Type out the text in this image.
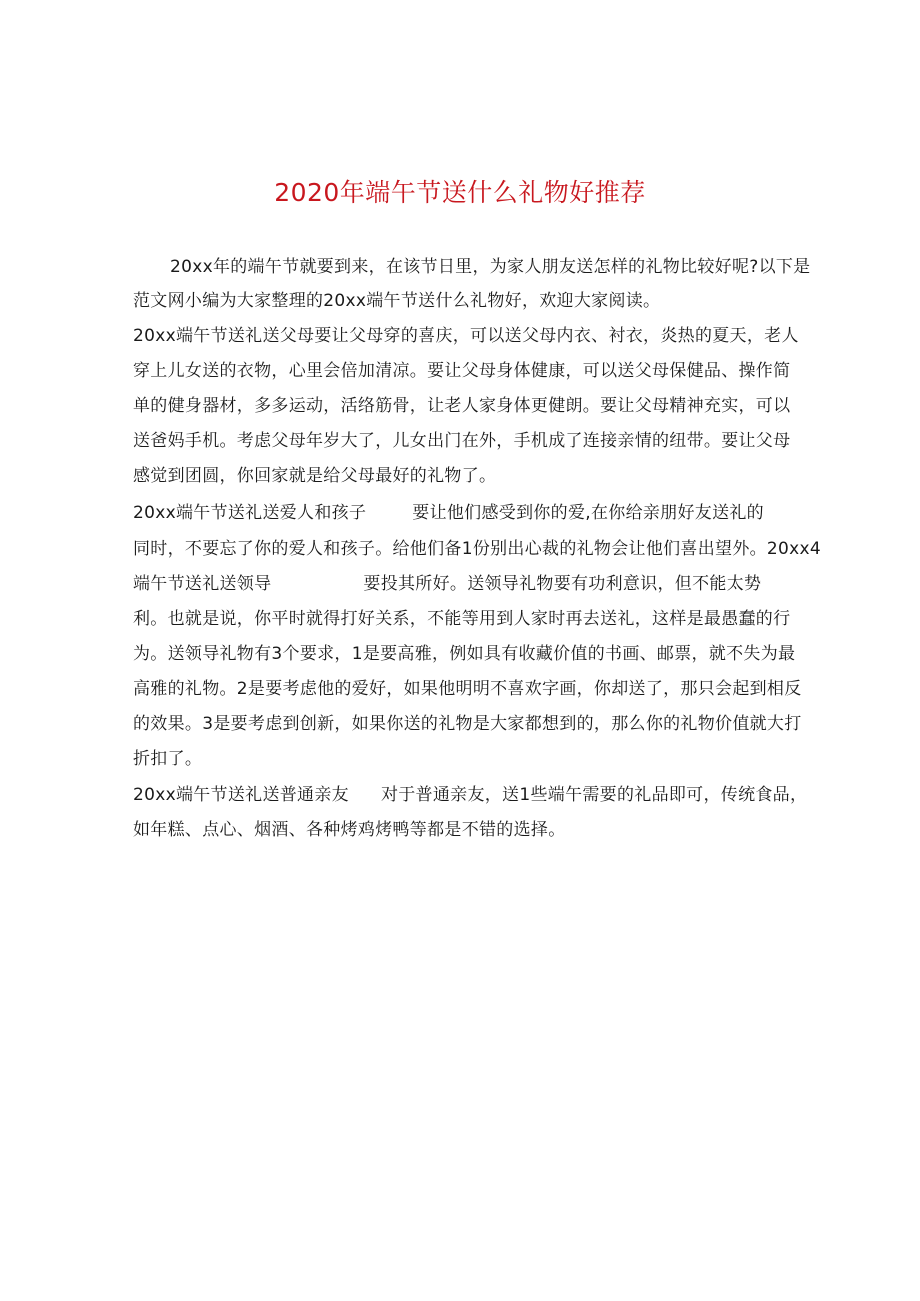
2020年端午节送什么礼物好推荐
20xx年的端午节就要到来，在该节日里，为家人朋友送怎样的礼物比较好呢?以下是
范文网小编为大家整理的20xx端午节送什么礼物好，欢迎大家阅读。
20xx端午节送礼送父母要让父母穿的喜庆，可以送父母内衣、衬衣，炎热的夏天，老人
穿上儿女送的衣物，心里会倍加清凉。要让父母身体健康，可以送父母保健品、操作简
单的健身器材，多多运动，活络筋骨，让老人家身体更健朗。要让父母精神充实，可以
送爸妈手机。考虑父母年岁大了，儿女出门在外，手机成了连接亲情的纽带。要让父母
感觉到团圆，你回家就是给父母最好的礼物了。
20xx端午节送礼送爱人和孩子	要让他们感受到你的爱,在你给亲朋好友送礼的
同时，不要忘了你的爱人和孩子。给他们备1份别出心裁的礼物会让他们喜出望外。20xx4
端午节送礼送领导	要投其所好。送领导礼物要有功利意识，但不能太势
利。也就是说，你平时就得打好关系，不能等用到人家时再去送礼，这样是最愚蠢的行
为。送领导礼物有3个要求，1是要高雅，例如具有收藏价值的书画、邮票，就不失为最
高雅的礼物。2是要考虑他的爱好，如果他明明不喜欢字画，你却送了，那只会起到相反
的效果。3是要考虑到创新，如果你送的礼物是大家都想到的，那么你的礼物价值就大打
折扣了。
20xx端午节送礼送普通亲友 对于普通亲友，送1些端午需要的礼品即可，传统食品，
如年糕、点心、烟酒、各种烤鸡烤鸭等都是不错的选择。
